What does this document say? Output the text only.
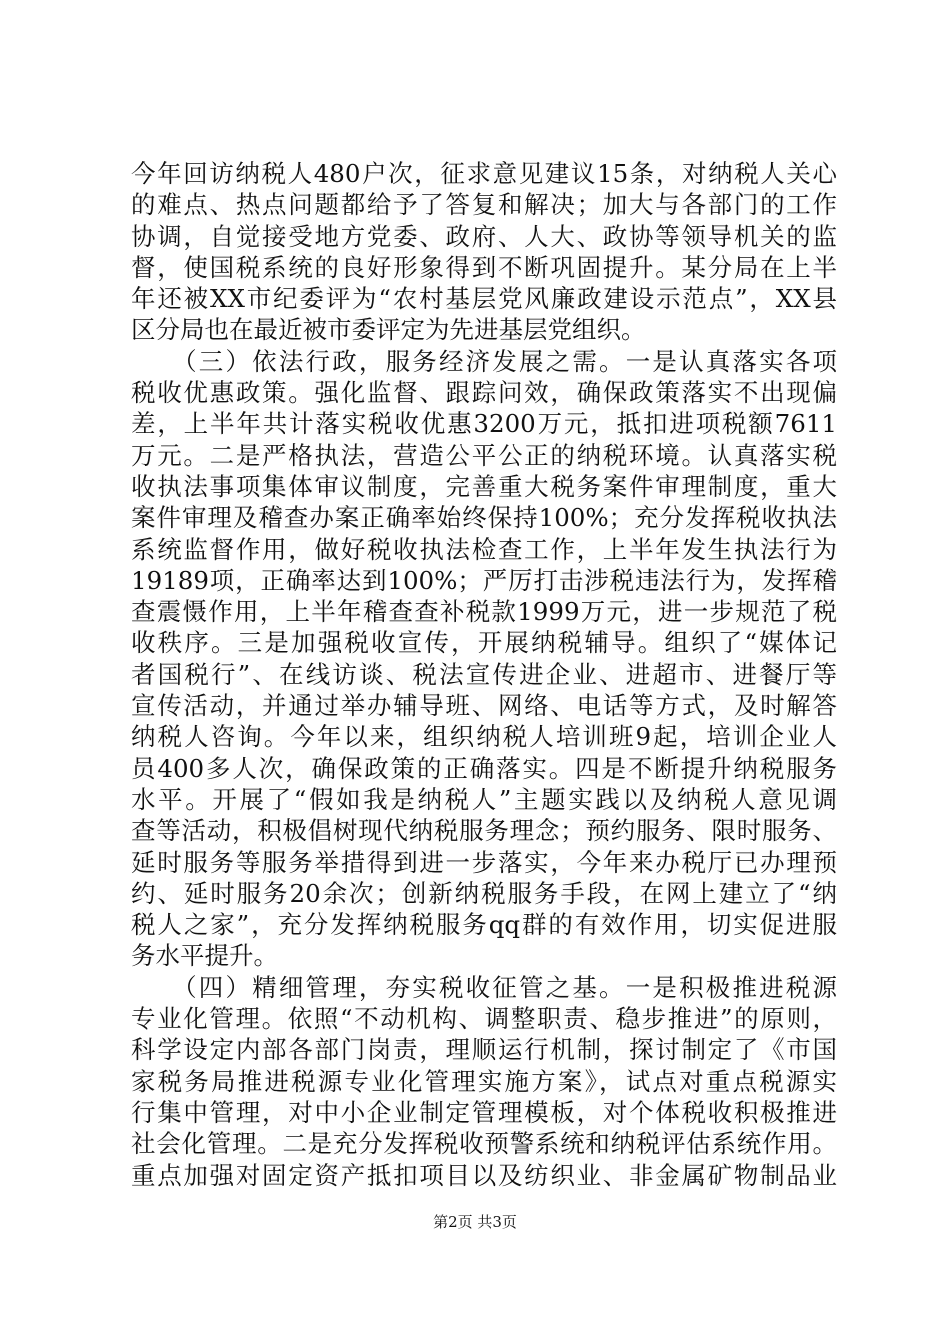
今年回访纳税人480户次，征求意见建议15条，对纳税人关心
的难点、热点问题都给予了答复和解决；加大与各部门的工作
协调，自觉接受地方党委、政府、人大、政协等领导机关的监
督，使国税系统的良好形象得到不断巩固提升。某分局在上半
年还被XX市纪委评为“农村基层党风廉政建设示范点”，XX县
区分局也在最近被市委评定为先进基层党组织。
　　（三）依法行政，服务经济发展之需。一是认真落实各项
税收优惠政策。强化监督、跟踪问效，确保政策落实不出现偏
差，上半年共计落实税收优惠3200万元，抵扣进项税额7611
万元。二是严格执法，营造公平公正的纳税环境。认真落实税
收执法事项集体审议制度，完善重大税务案件审理制度，重大
案件审理及稽查办案正确率始终保持100%；充分发挥税收执法
系统监督作用，做好税收执法检查工作，上半年发生执法行为
19189项，正确率达到100%；严厉打击涉税违法行为，发挥稽
查震慑作用，上半年稽查查补税款1999万元，进一步规范了税
收秩序。三是加强税收宣传，开展纳税辅导。组织了“媒体记
者国税行”、在线访谈、税法宣传进企业、进超市、进餐厅等
宣传活动，并通过举办辅导班、网络、电话等方式，及时解答
纳税人咨询。今年以来，组织纳税人培训班9起，培训企业人
员400多人次，确保政策的正确落实。四是不断提升纳税服务
水平。开展了“假如我是纳税人”主题实践以及纳税人意见调
查等活动，积极倡树现代纳税服务理念；预约服务、限时服务、
延时服务等服务举措得到进一步落实，今年来办税厅已办理预
约、延时服务20余次；创新纳税服务手段，在网上建立了“纳
税人之家”，充分发挥纳税服务qq群的有效作用，切实促进服
务水平提升。
　　（四）精细管理，夯实税收征管之基。一是积极推进税源
专业化管理。依照“不动机构、调整职责、稳步推进”的原则，
科学设定内部各部门岗责，理顺运行机制，探讨制定了《市国
家税务局推进税源专业化管理实施方案》，试点对重点税源实
行集中管理，对中小企业制定管理模板，对个体税收积极推进
社会化管理。二是充分发挥税收预警系统和纳税评估系统作用。
重点加强对固定资产抵扣项目以及纺织业、非金属矿物制品业
第2页 共3页
